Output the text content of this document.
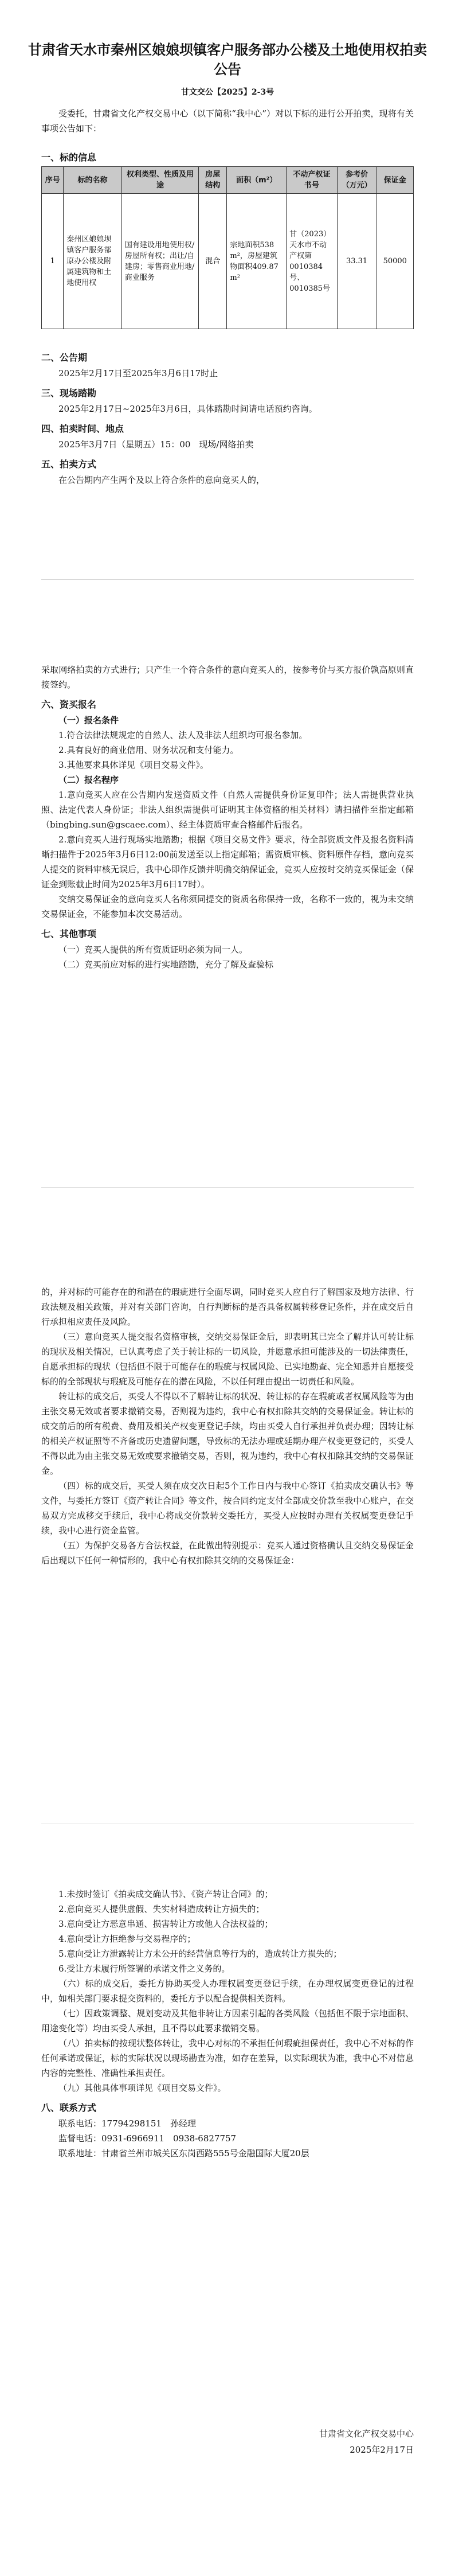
甘肃省天水市秦州区娘娘坝镇客户服务部办公楼及土地使用权拍卖公告
甘文交公【2025】2-3号

受委托，甘肃省文化产权交易中心（以下简称“我中心”）对以下标的进行公开拍卖，现将有关事项公告如下：

一、标的信息

序号	标的名称	权利类型、性质及用途	房屋结构	面积（m²）	不动产权证书号	参考价（万元）	保证金
1	秦州区娘娘坝镇客户服务部原办公楼及附属建筑物和土地使用权	国有建设用地使用权/房屋所有权；出让/自建房；零售商业用地/商业服务	混合	宗地面积538 m²，房屋建筑物面积409.87 m²	甘（2023）天水市不动产权第0010384号、0010385号	33.31	50000

二、公告期

2025年2月17日至2025年3月6日17时止

三、现场踏勘

2025年2月17日~2025年3月6日，具体踏勘时间请电话预约咨询。

四、拍卖时间、地点

2025年3月7日（星期五）15：00　现场/网络拍卖

五、拍卖方式

在公告期内产生两个及以上符合条件的意向竞买人的，

采取网络拍卖的方式进行；只产生一个符合条件的意向竞买人的，按参考价与买方报价孰高原则直接签约。

六、资买报名

（一）报名条件

1.符合法律法规规定的自然人、法人及非法人组织均可报名参加。

2.具有良好的商业信用、财务状况和支付能力。

3.其他要求具体详见《项目交易文件》。

（二）报名程序

1.意向竞买人应在公告期内发送资质文件（自然人需提供身份证复印件；法人需提供营业执照、法定代表人身份证；非法人组织需提供可证明其主体资格的相关材料）请扫描件至指定邮箱（bingbing.sun@gscaee.com）、经主体资质审查合格邮件后报名。

2.意向竞买人进行现场实地踏勘；根据《项目交易文件》要求，待全部资质文件及报名资料清晰扫描件于2025年3月6日12:00前发送至以上指定邮箱；需资质审核、资料原件存档，意向竞买人提交的资料审核无误后，我中心即作反馈并明确交纳保证金，竞买人应按时交纳竞买保证金（保证金到账截止时间为2025年3月6日17时）。

交纳交易保证金的意向竞买人名称须同提交的资质名称保持一致，名称不一致的，视为未交纳交易保证金，不能参加本次交易活动。

七、其他事项

（一）竞买人提供的所有资质证明必须为同一人。

（二）竞买前应对标的进行实地踏勘，充分了解及查验标

的，并对标的可能存在的和潜在的瑕疵进行全面尽调，同时竞买人应自行了解国家及地方法律、行政法规及相关政策，并对有关部门咨询，自行判断标的是否具备权属转移登记条件，并在成交后自行承担相应责任及风险。

（三）意向竞买人提交报名资格审核，交纳交易保证金后，即表明其已完全了解并认可转让标的现状及相关情况，已认真考虑了关于转让标的一切风险，并愿意承担可能涉及的一切法律责任，自愿承担标的现状（包括但不限于可能存在的瑕疵与权属风险、已实地勘查、完全知悉并自愿接受标的的全部现状与瑕疵及可能存在的潜在风险，不以任何理由提出一切责任和风险。

转让标的成交后，买受人不得以不了解转让标的状况、转让标的存在瑕疵或者权属风险等为由主张交易无效或者要求撤销交易，否则视为违约，我中心有权扣除其交纳的交易保证金。转让标的成交前后的所有税费、费用及相关产权变更登记手续，均由买受人自行承担并负责办理；因转让标的相关产权证照等不齐备或历史遗留问题，导致标的无法办理或延期办理产权变更登记的，买受人不得以此为由主张交易无效或要求撤销交易，否则，视为违约，我中心有权扣除其交纳的交易保证金。

（四）标的成交后，买受人须在成交次日起5个工作日内与我中心签订《拍卖成交确认书》等文件，与委托方签订《资产转让合同》等文件，按合同约定支付全部成交价款至我中心账户，在交易双方完成移交手续后，我中心将成交价款转交委托方，买受人应按时办理有关权属变更登记手续，我中心进行资金监管。

（五）为保护交易各方合法权益，在此做出特别提示：竞买人通过资格确认且交纳交易保证金后出现以下任何一种情形的，我中心有权扣除其交纳的交易保证金：

1.未按时签订《拍卖成交确认书》、《资产转让合同》的；

2.意向竞买人提供虚假、失实材料造成转让方损失的；

3.意向受让方恶意串通、损害转让方或他人合法权益的；

4.意向受让方拒绝参与交易程序的；

5.意向受让方泄露转让方未公开的经营信息等行为的，造成转让方损失的；

6.受让方未履行所签署的承诺文件之义务的。

（六）标的成交后，委托方协助买受人办理权属变更登记手续，在办理权属变更登记的过程中，如相关部门要求提交资料的，委托方予以配合提供相关资料。

（七）因政策调整、规划变动及其他非转让方因素引起的各类风险（包括但不限于宗地面积、用途变化等）均由买受人承担，且不得以此要求撤销交易。

（八）拍卖标的按现状整体转让，我中心对标的不承担任何瑕疵担保责任，我中心不对标的作任何承诺或保证，标的实际状况以现场勘查为准，如存在差异，以实际现状为准，我中心不对信息内容的完整性、准确性承担责任。

（九）其他具体事项详见《项目交易文件》。

八、联系方式

联系电话：17794298151　孙经理

监督电话：0931-6966911　0938-6827757

联系地址：甘肃省兰州市城关区东岗西路555号金融国际大厦20层

甘肃省文化产权交易中心
2025年2月17日
